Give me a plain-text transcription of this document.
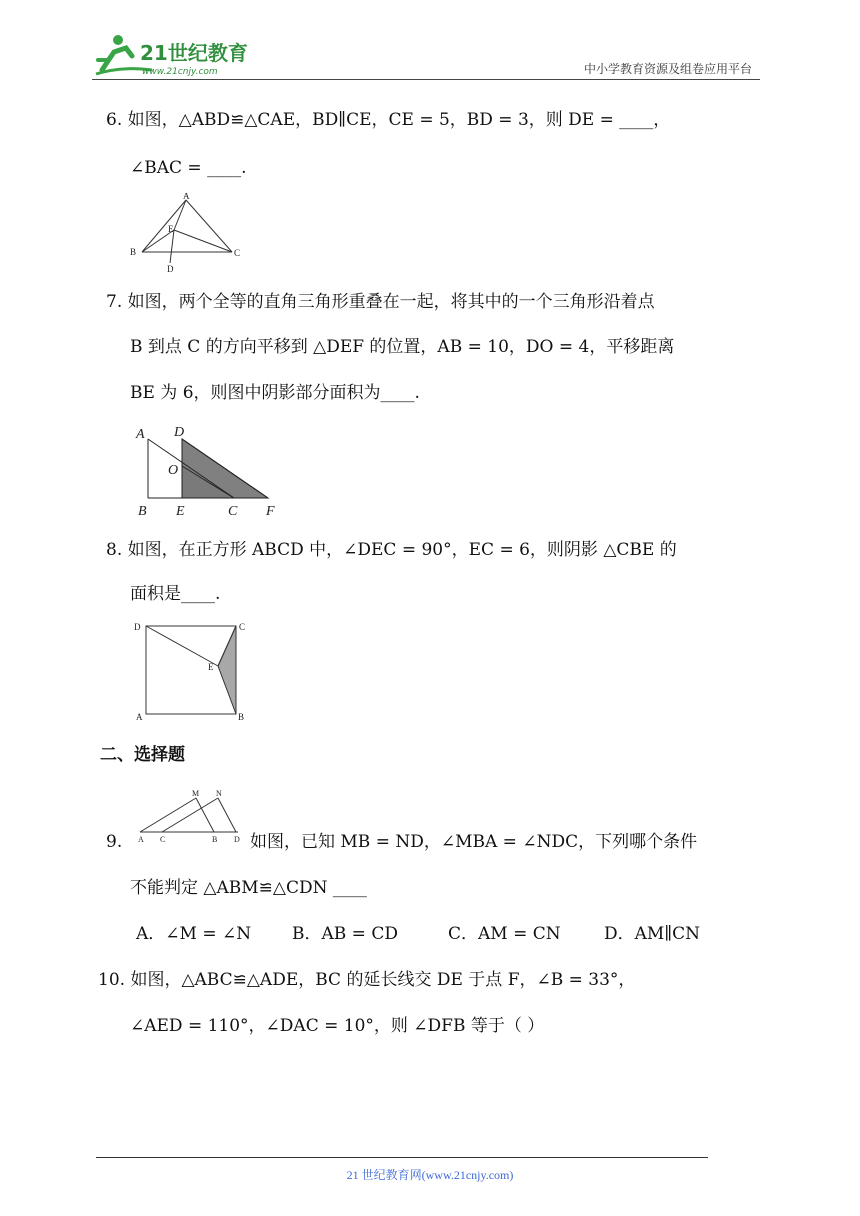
21世纪教育
www.21cnjy.com	中小学教育资源及组卷应用平台
6. 如图，△ABD≌△CAE，BD∥CE，CE = 5，BD = 3，则 DE = ____，
∠BAC = ____.
A
E
B
D
C
7. 如图，两个全等的直角三角形重叠在一起，将其中的一个三角形沿着点
B 到点 C 的方向平移到 △DEF 的位置，AB = 10，DO = 4，平移距离
BE 为 6，则图中阴影部分面积为____.
A D
O
B E	C F
8. 如图，在正方形 ABCD 中，∠DEC = 90°，EC = 6，则阴影 △CBE 的
面积是____.
D	C
E
A	B
二、选择题
9.
M N
A C	B D 如图，已知 MB = ND，∠MBA = ∠NDC，下列哪个条件
不能判定 △ABM≌△CDN ____
A．∠M = ∠N B．AB = CD	C．AM = CN	D．AM∥CN
10. 如图，△ABC≌△ADE，BC 的延长线交 DE 于点 F，∠B = 33°，
∠AED = 110°，∠DAC = 10°，则 ∠DFB 等于（ ）
21 世纪教育网(www.21cnjy.com)
